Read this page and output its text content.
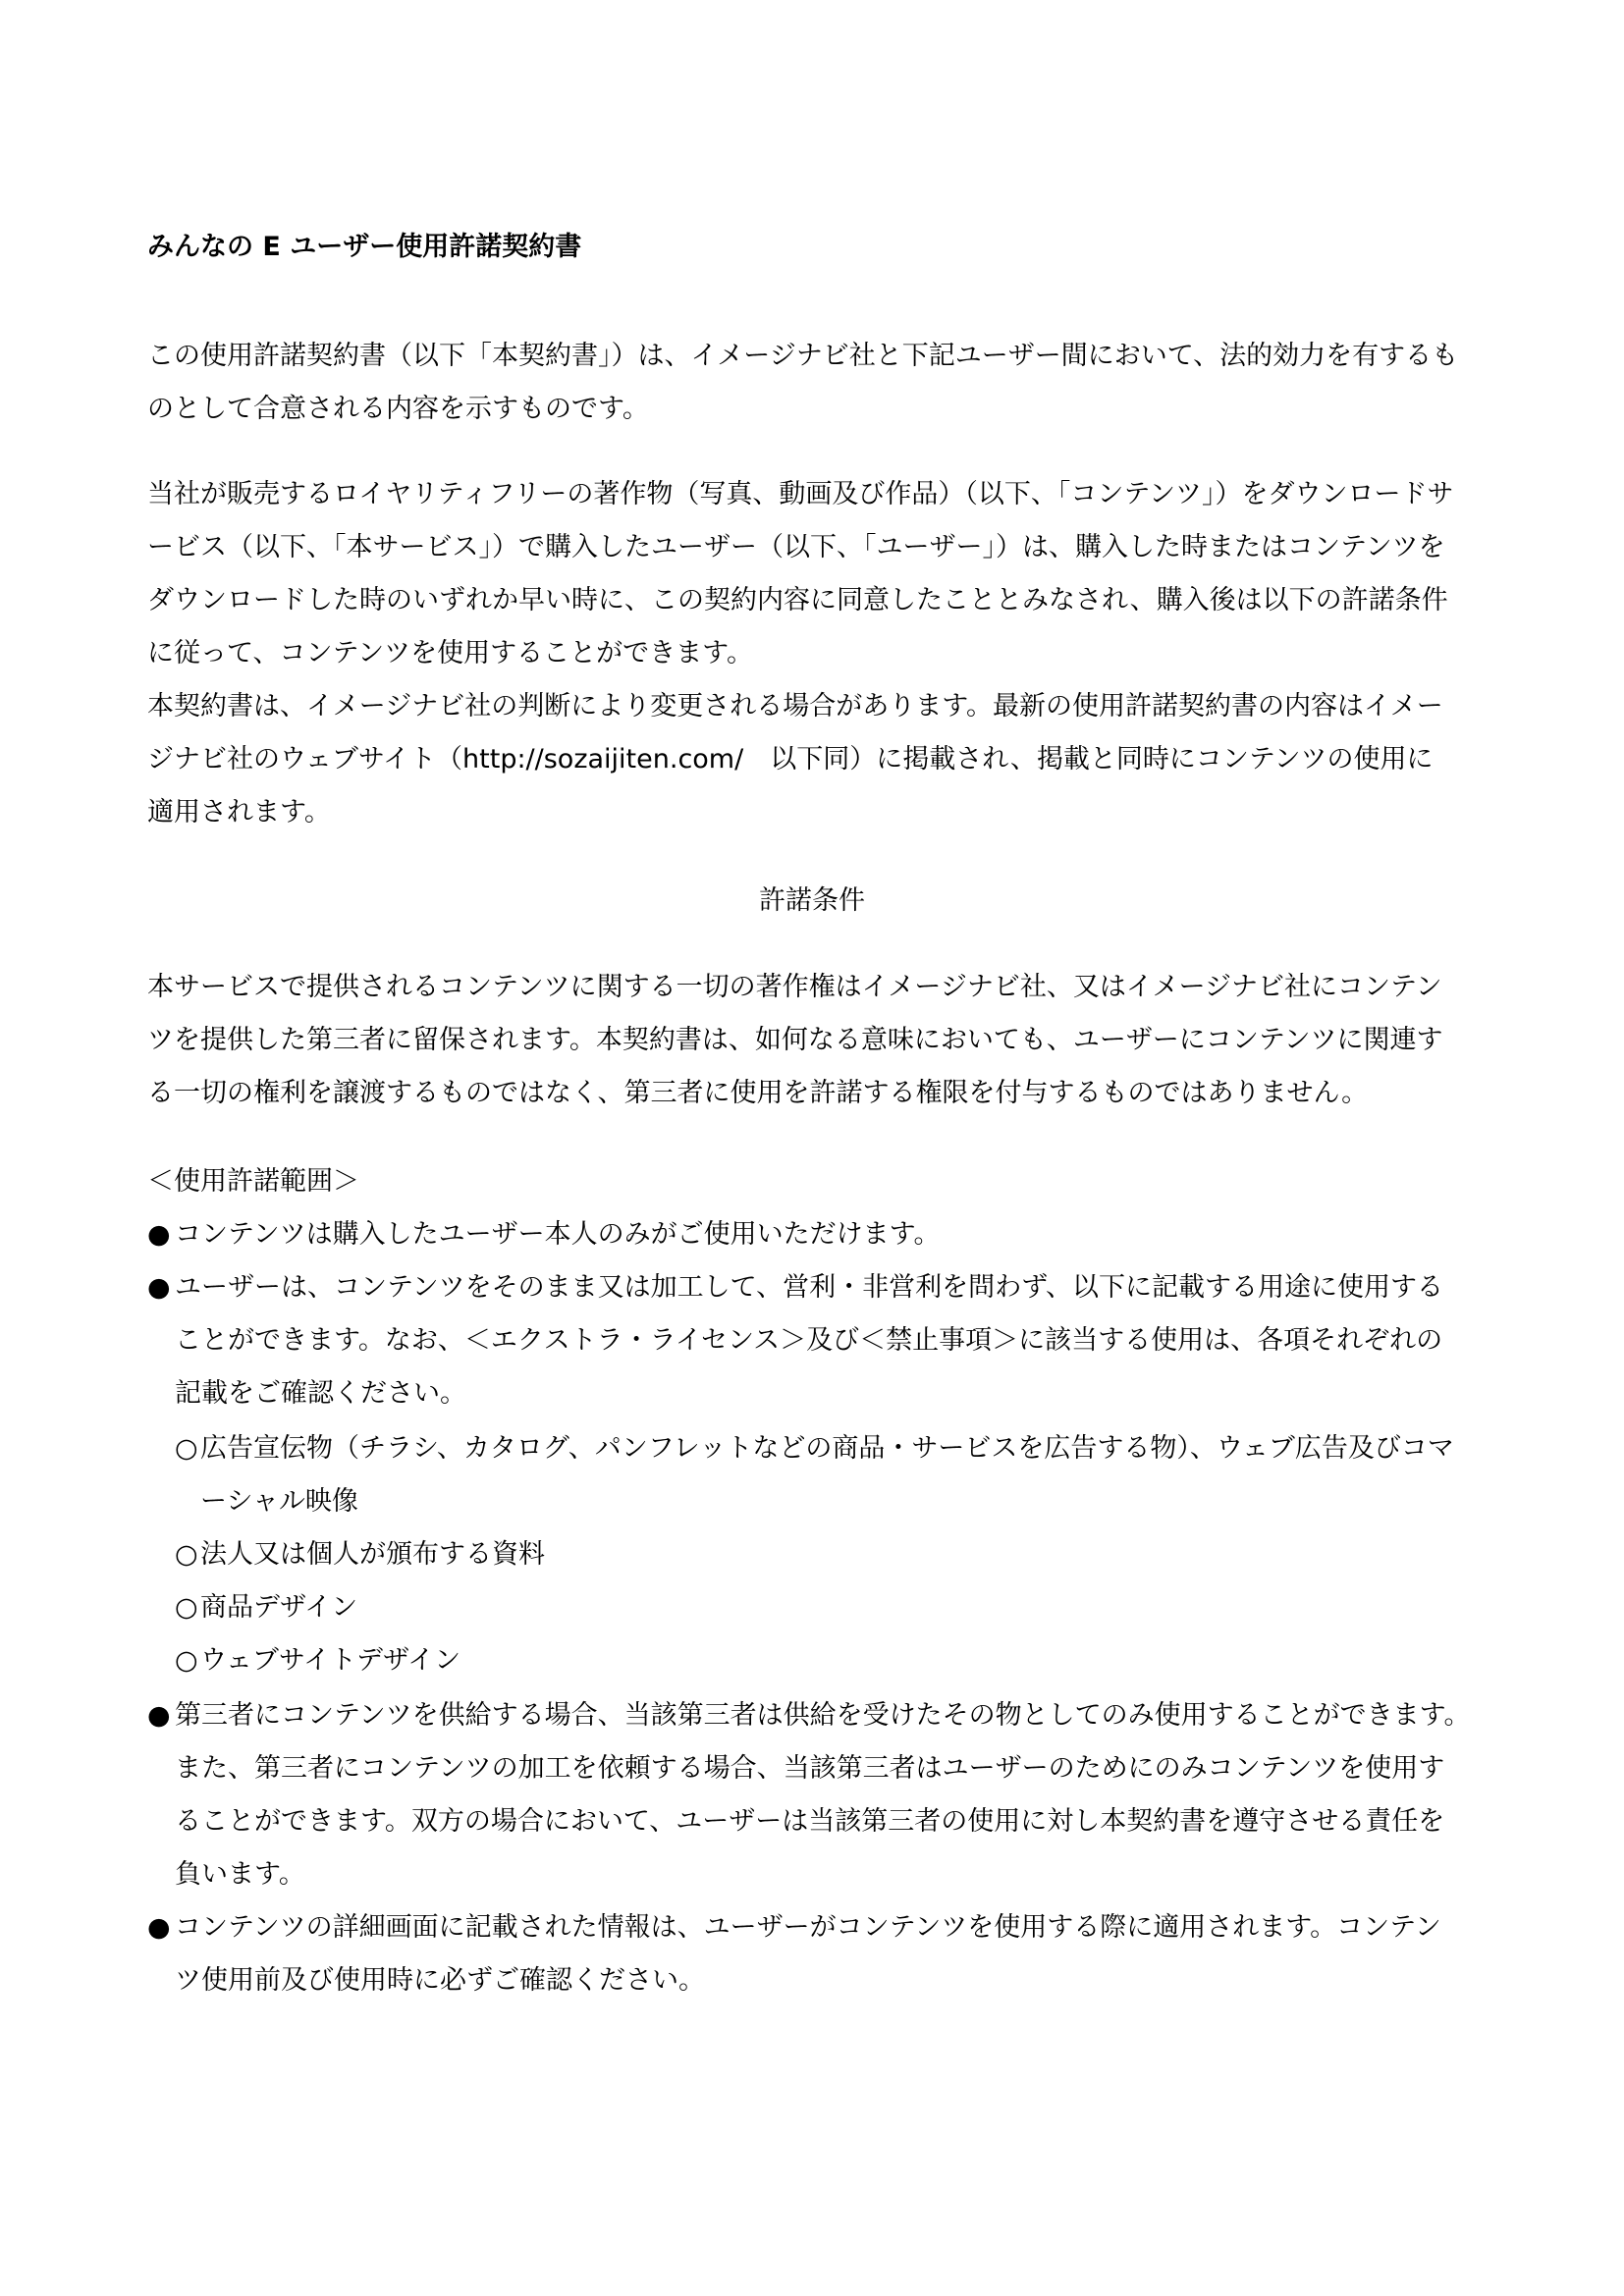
みんなの E ユーザー使用許諾契約書
この使用許諾契約書（以下「本契約書」）は、イメージナビ社と下記ユーザー間において、法的効力を有するも
のとして合意される内容を示すものです。
当社が販売するロイヤリティフリーの著作物（写真、動画及び作品）（以下、「コンテンツ」）をダウンロードサ
ービス（以下、「本サービス」）で購入したユーザー（以下、「ユーザー」）は、購入した時またはコンテンツを
ダウンロードした時のいずれか早い時に、この契約内容に同意したこととみなされ、購入後は以下の許諾条件
に従って、コンテンツを使用することができます。
本契約書は、イメージナビ社の判断により変更される場合があります。最新の使用許諾契約書の内容はイメー
ジナビ社のウェブサイト（http://sozaijiten.com/　以下同）に掲載され、掲載と同時にコンテンツの使用に
適用されます。
許諾条件
本サービスで提供されるコンテンツに関する一切の著作権はイメージナビ社、又はイメージナビ社にコンテン
ツを提供した第三者に留保されます。本契約書は、如何なる意味においても、ユーザーにコンテンツに関連す
る一切の権利を譲渡するものではなく、第三者に使用を許諾する権限を付与するものではありません。
＜使用許諾範囲＞
● コンテンツは購入したユーザー本人のみがご使用いただけます。
● ユーザーは、コンテンツをそのまま又は加工して、営利・非営利を問わず、以下に記載する用途に使用する
ことができます。なお、＜エクストラ・ライセンス＞及び＜禁止事項＞に該当する使用は、各項それぞれの
記載をご確認ください。
○ 広告宣伝物（チラシ、カタログ、パンフレットなどの商品・サービスを広告する物）、ウェブ広告及びコマ
ーシャル映像
○ 法人又は個人が頒布する資料
○ 商品デザイン
○ ウェブサイトデザイン
● 第三者にコンテンツを供給する場合、当該第三者は供給を受けたその物としてのみ使用することができます。
また、第三者にコンテンツの加工を依頼する場合、当該第三者はユーザーのためにのみコンテンツを使用す
ることができます。双方の場合において、ユーザーは当該第三者の使用に対し本契約書を遵守させる責任を
負います。
● コンテンツの詳細画面に記載された情報は、ユーザーがコンテンツを使用する際に適用されます。コンテン
ツ使用前及び使用時に必ずご確認ください。
